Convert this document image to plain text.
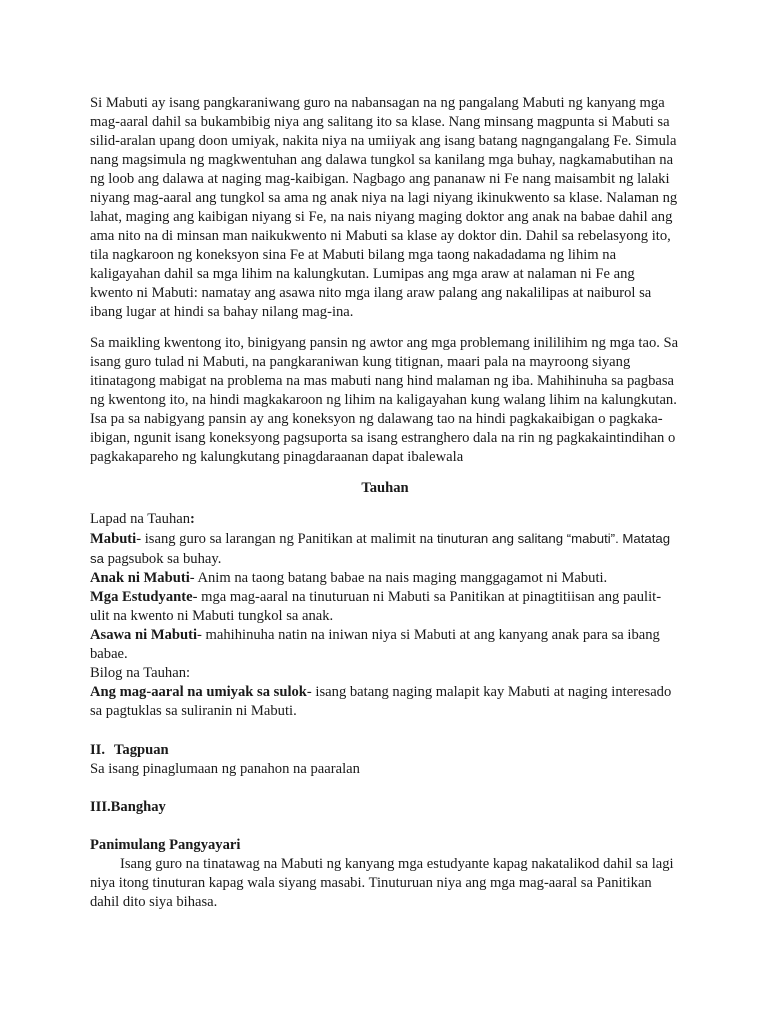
Si Mabuti ay isang pangkaraniwang guro na nabansagan na ng pangalang Mabuti ng kanyang mga mag-aaral dahil sa bukambibig niya ang salitang ito sa klase. Nang minsang magpunta si Mabuti sa silid-aralan upang doon umiyak, nakita niya na umiiyak ang isang batang nagngangalang Fe. Simula nang magsimula ng magkwentuhan ang dalawa tungkol sa kanilang mga buhay, nagkamabutihan na ng loob ang dalawa at naging mag-kaibigan. Nagbago ang pananaw ni Fe nang maisambit ng lalaki niyang mag-aaral ang tungkol sa ama ng anak niya na lagi niyang ikinukwento sa klase. Nalaman ng lahat, maging ang kaibigan niyang si Fe, na nais niyang maging doktor ang anak na babae dahil ang ama nito na di minsan man naikukwento ni Mabuti sa klase ay doktor din. Dahil sa rebelasyong ito, tila nagkaroon ng koneksyon sina Fe at Mabuti bilang mga taong nakadadama ng lihim na kaligayahan dahil sa mga lihim na kalungkutan. Lumipas ang mga araw at nalaman ni Fe ang kwento ni Mabuti: namatay ang asawa nito mga ilang araw palang ang nakalilipas at naiburol sa ibang lugar at hindi sa bahay nilang mag-ina.

Sa maikling kwentong ito, binigyang pansin ng awtor ang mga problemang inililihim ng mga tao. Sa isang guro tulad ni Mabuti, na pangkaraniwan kung titignan, maari pala na mayroong siyang itinatagong mabigat na problema na mas mabuti nang hind malaman ng iba. Mahihinuha sa pagbasa ng kwentong ito, na hindi magkakaroon ng lihim na kaligayahan kung walang lihim na kalungkutan. Isa pa sa nabigyang pansin ay ang koneksyon ng dalawang tao na hindi pagkakaibigan o pagkaka-ibigan, ngunit isang koneksyong pagsuporta sa isang estranghero dala na rin ng pagkakaintindihan o pagkakapareho ng kalungkutang pinagdaraanan dapat ibalewala

Tauhan

Lapad na Tauhan:

Mabuti- isang guro sa larangan ng Panitikan at malimit na tinuturan ang salitang “mabuti”. Matatag sa pagsubok sa buhay.

Anak ni Mabuti- Anim na taong batang babae na nais maging manggagamot ni Mabuti.

Mga Estudyante- mga mag-aaral na tinuturuan ni Mabuti sa Panitikan at pinagtitiisan ang paulit-ulit na kwento ni Mabuti tungkol sa anak.

Asawa ni Mabuti- mahihinuha natin na iniwan niya si Mabuti at ang kanyang anak para sa ibang babae.

Bilog na Tauhan:

Ang mag-aaral na umiyak sa sulok- isang batang naging malapit kay Mabuti at naging interesado sa pagtuklas sa suliranin ni Mabuti.

II. Tagpuan

Sa isang pinaglumaan ng panahon na paaralan

III.Banghay

Panimulang Pangyayari

Isang guro na tinatawag na Mabuti ng kanyang mga estudyante kapag nakatalikod dahil sa lagi niya itong tinuturan kapag wala siyang masabi. Tinuturuan niya ang mga mag-aaral sa Panitikan dahil dito siya bihasa.
